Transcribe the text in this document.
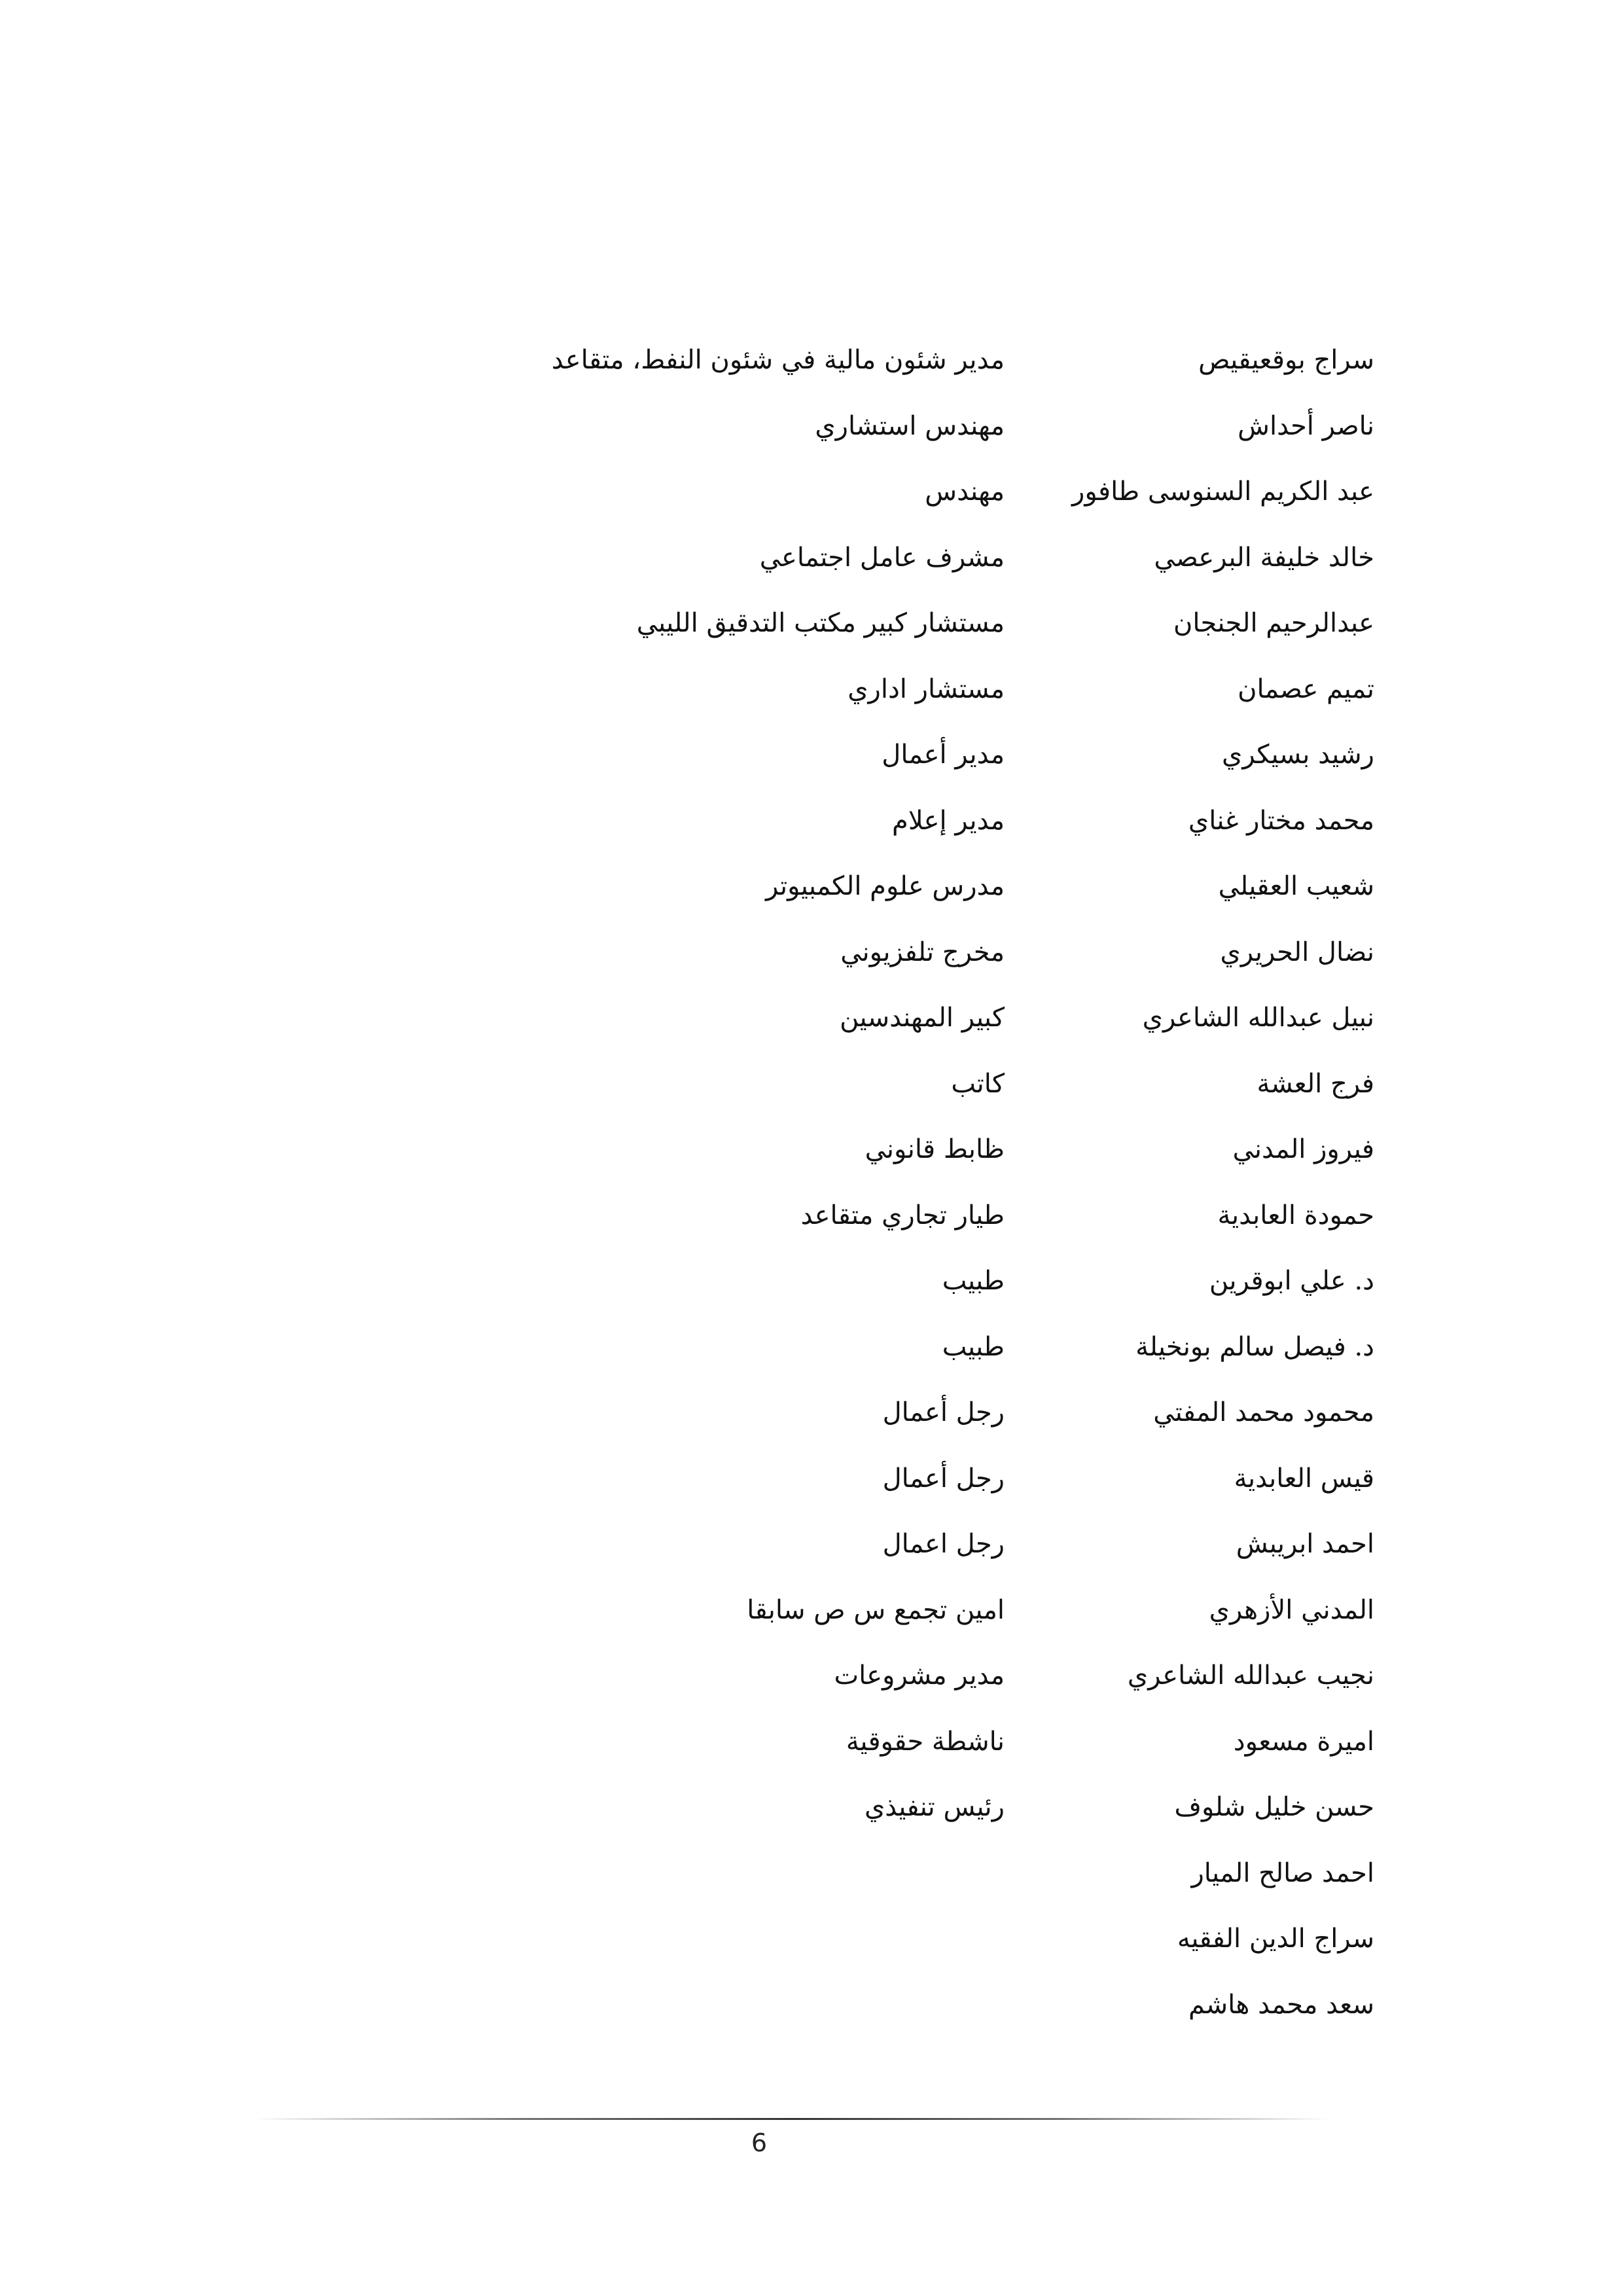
سراج بوقعيقيص
مدير شئون مالية في شئون النفط، متقاعد
ناصر أحداش
مهندس استشاري
عبد الكريم السنوسى طافور
مهندس
خالد خليفة البرعصي
مشرف عامل اجتماعي
عبدالرحيم الجنجان
مستشار كبير مكتب التدقيق الليبي
تميم عصمان
مستشار اداري
رشيد بسيكري
مدير أعمال
محمد مختار غناي
مدير إعلام
شعيب العقيلي
مدرس علوم الكمبيوتر
نضال الحريري
مخرج تلفزيوني
نبيل عبدالله الشاعري
كبير المهندسين
فرج العشة
كاتب
فيروز المدني
ظابط قانوني
حمودة العابدية
طيار تجاري متقاعد
د. علي ابوقرين
طبيب
د. فيصل سالم بونخيلة
طبيب
محمود محمد المفتي
رجل أعمال
قيس العابدية
رجل أعمال
احمد ابريبش
رجل اعمال
المدني الأزهري
امين تجمع س ص سابقا
نجيب عبدالله الشاعري
مدير مشروعات
اميرة مسعود
ناشطة حقوقية
حسن خليل شلوف
رئيس تنفيذي
احمد صالح الميار
سراج الدين الفقيه
سعد محمد هاشم
6
